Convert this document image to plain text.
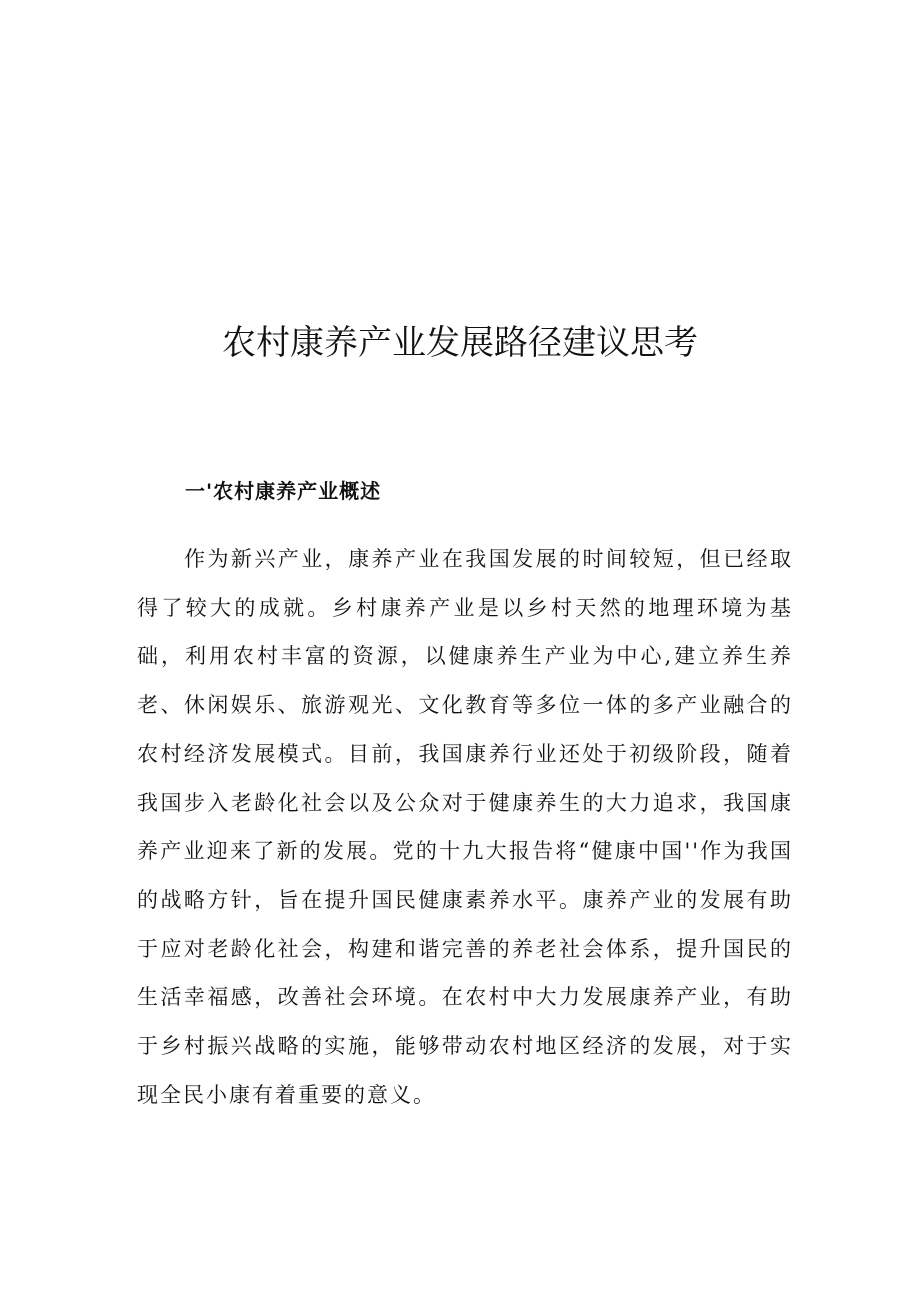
农村康养产业发展路径建议思考
一'农村康养产业概述

作为新兴产业，康养产业在我国发展的时间较短，但已经取得了较大的成就。乡村康养产业是以乡村天然的地理环境为基础，利用农村丰富的资源，以健康养生产业为中心,建立养生养老、休闲娱乐、旅游观光、文化教育等多位一体的多产业融合的农村经济发展模式。目前，我国康养行业还处于初级阶段，随着我国步入老龄化社会以及公众对于健康养生的大力追求，我国康养产业迎来了新的发展。党的十九大报告将“健康中国''作为我国的战略方针，旨在提升国民健康素养水平。康养产业的发展有助于应对老龄化社会，构建和谐完善的养老社会体系，提升国民的生活幸福感，改善社会环境。在农村中大力发展康养产业，有助于乡村振兴战略的实施，能够带动农村地区经济的发展，对于实现全民小康有着重要的意义。
